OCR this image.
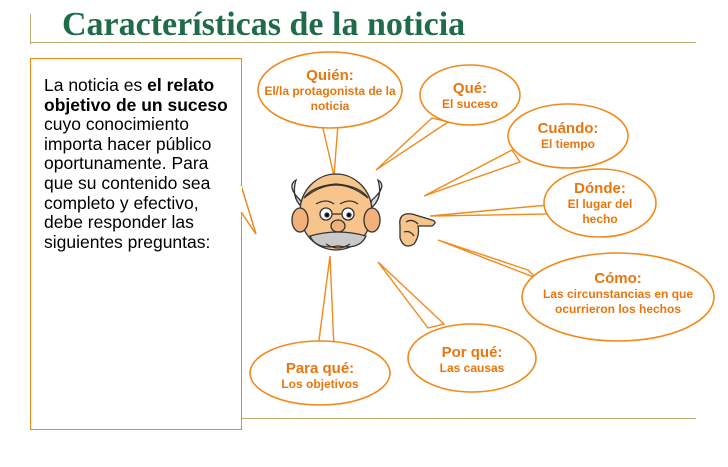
Características de la noticia
La noticia es el relato objetivo de un suceso cuyo conocimiento importa hacer público oportunamente. Para que su contenido sea completo y efectivo, debe responder las siguientes preguntas:
Quién:
El/la protagonista de la noticia
Qué:
El suceso
Cuándo:
El tiempo
Dónde:
El lugar del hecho
Cómo:
Las circunstancias en que ocurrieron los hechos
Por qué:
Las causas
Para qué:
Los objetivos
